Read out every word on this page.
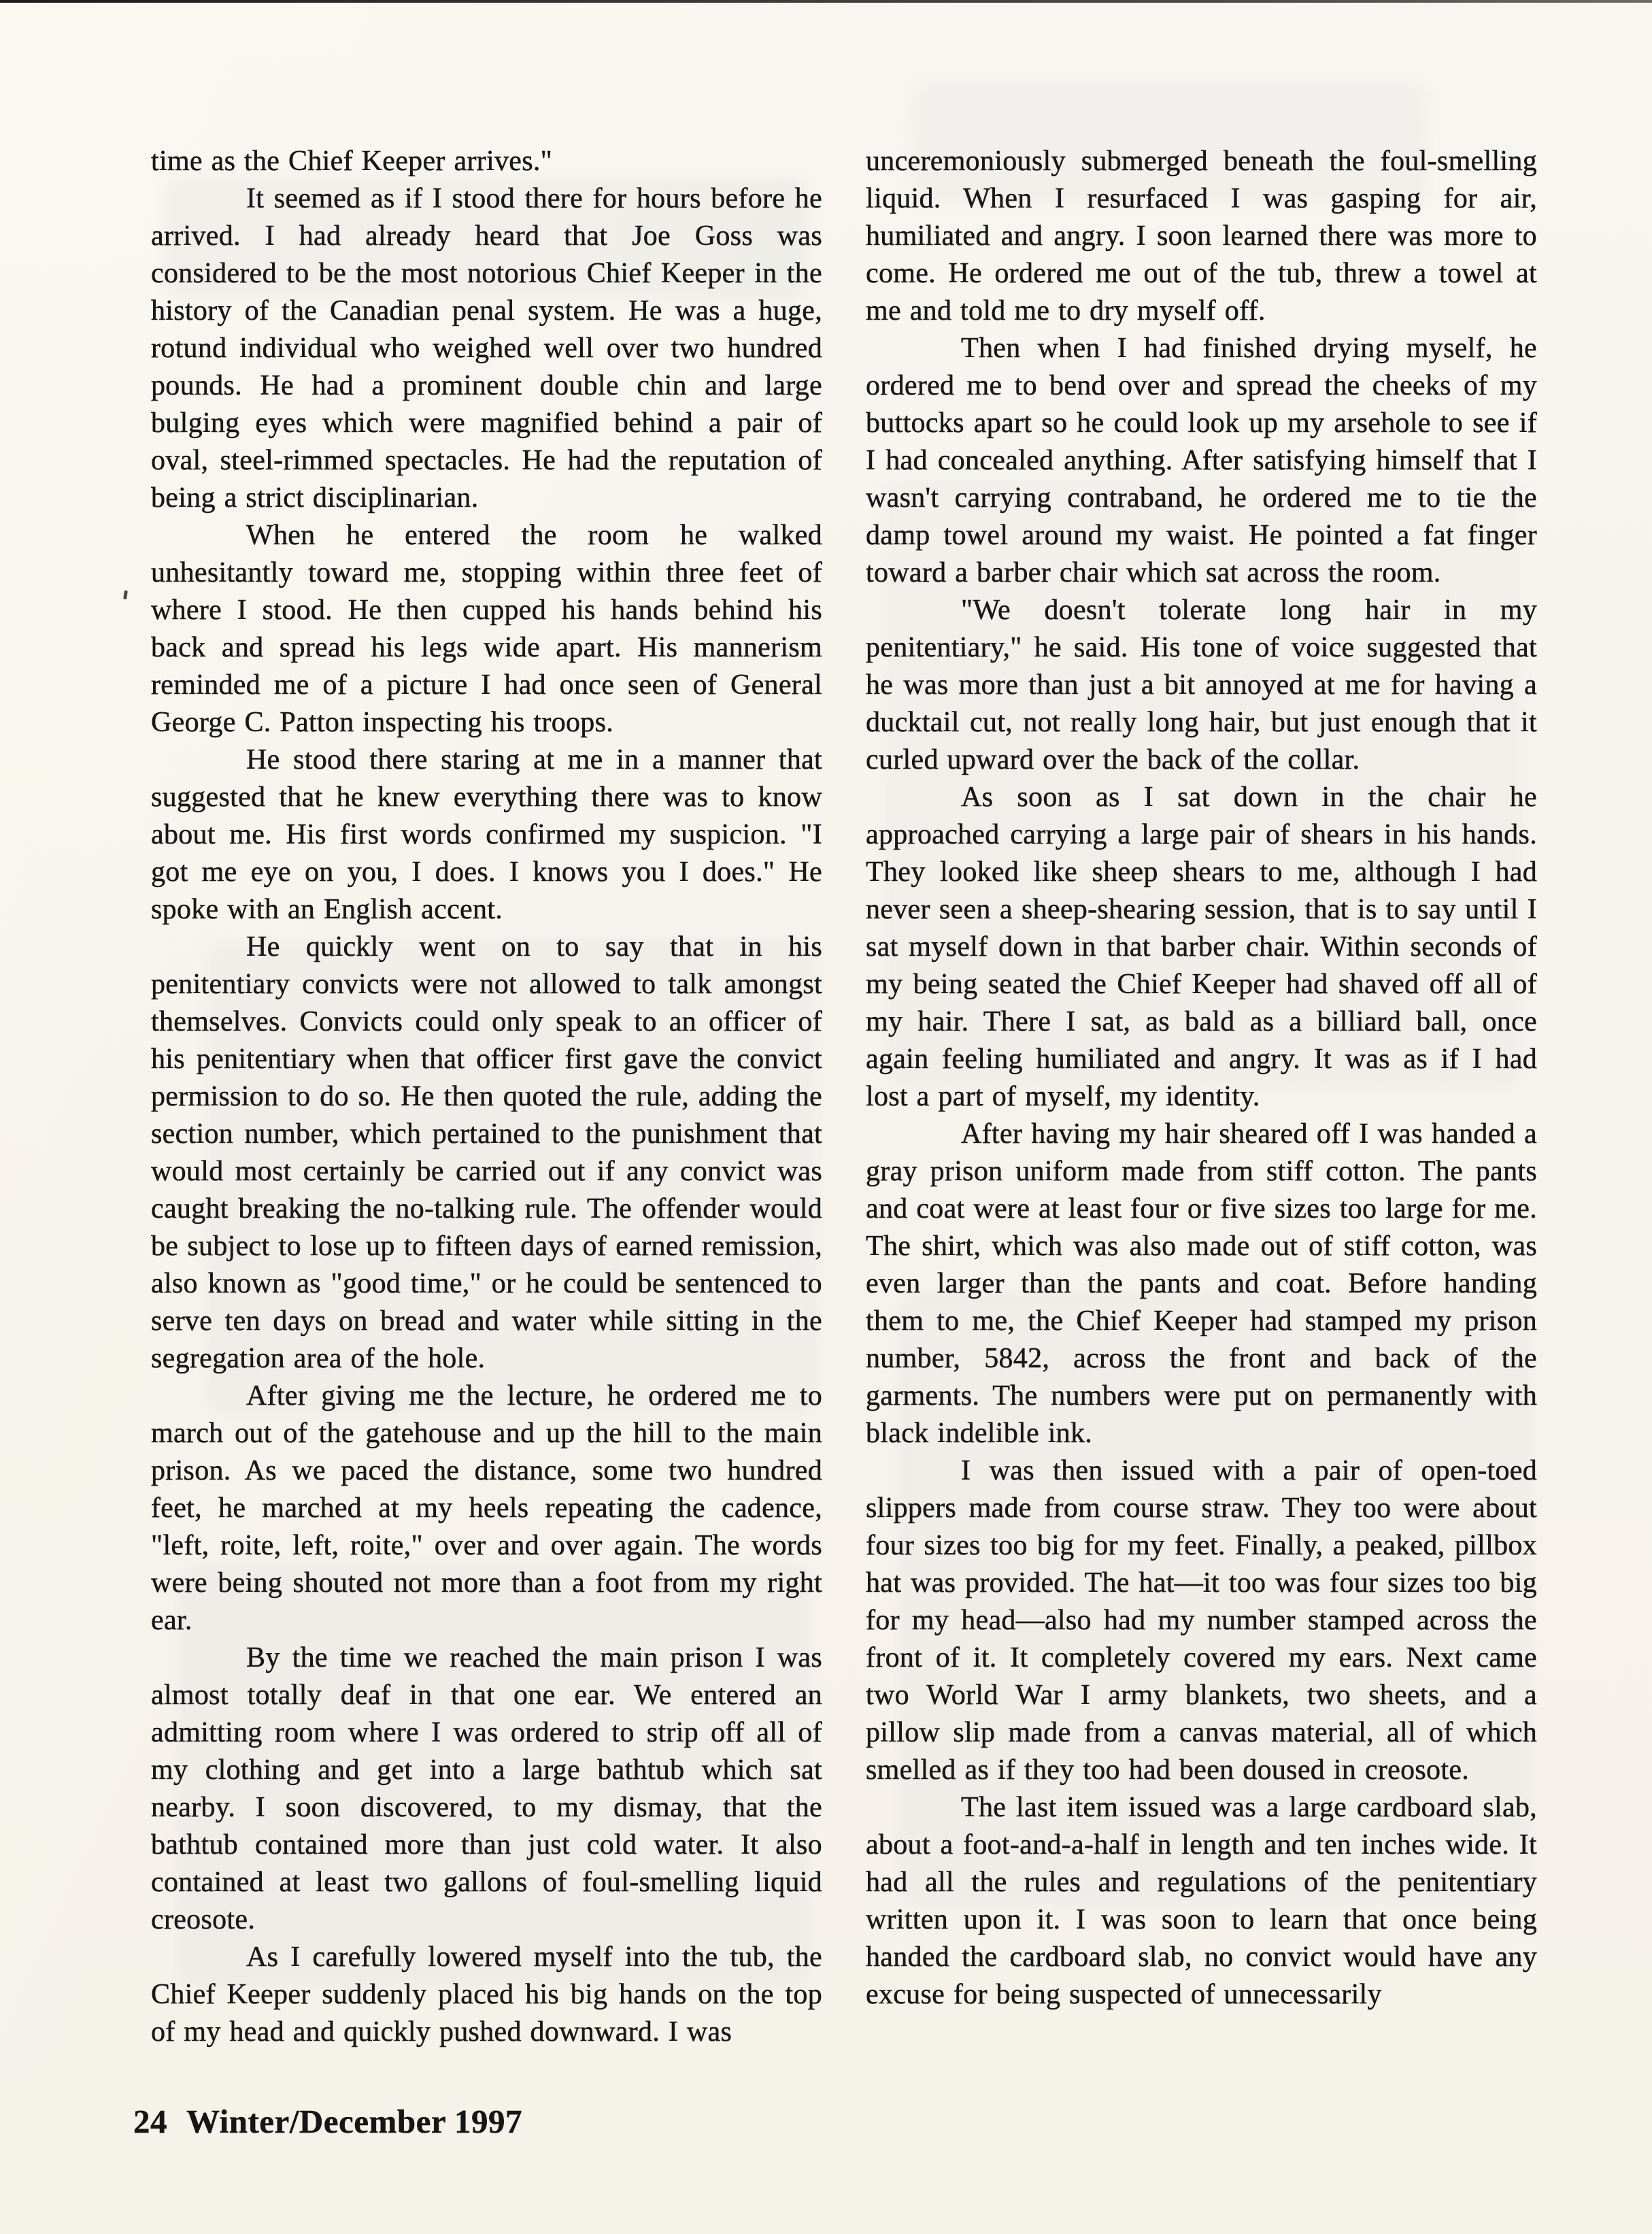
time as the Chief Keeper arrives."

It seemed as if I stood there for hours before he arrived. I had already heard that Joe Goss was considered to be the most notorious Chief Keeper in the history of the Canadian penal system. He was a huge, rotund individual who weighed well over two hundred pounds. He had a prominent double chin and large bulging eyes which were magnified behind a pair of oval, steel-rimmed spectacles. He had the reputation of being a strict disciplinarian.

When he entered the room he walked unhesitantly toward me, stopping within three feet of where I stood. He then cupped his hands behind his back and spread his legs wide apart. His mannerism reminded me of a picture I had once seen of General George C. Patton inspecting his troops.

He stood there staring at me in a manner that suggested that he knew everything there was to know about me. His first words confirmed my suspicion. "I got me eye on you, I does. I knows you I does." He spoke with an English accent.

He quickly went on to say that in his penitentiary convicts were not allowed to talk amongst themselves. Convicts could only speak to an officer of his penitentiary when that officer first gave the convict permission to do so. He then quoted the rule, adding the section number, which pertained to the punishment that would most certainly be carried out if any convict was caught breaking the no-talking rule. The offender would be subject to lose up to fifteen days of earned remission, also known as "good time," or he could be sentenced to serve ten days on bread and water while sitting in the segregation area of the hole.

After giving me the lecture, he ordered me to march out of the gatehouse and up the hill to the main prison. As we paced the distance, some two hundred feet, he marched at my heels repeating the cadence, "left, roite, left, roite," over and over again. The words were being shouted not more than a foot from my right ear.

By the time we reached the main prison I was almost totally deaf in that one ear. We entered an admitting room where I was ordered to strip off all of my clothing and get into a large bathtub which sat nearby. I soon discovered, to my dismay, that the bathtub contained more than just cold water. It also contained at least two gallons of foul-smelling liquid creosote.

As I carefully lowered myself into the tub, the Chief Keeper suddenly placed his big hands on the top of my head and quickly pushed downward. I was

unceremoniously submerged beneath the foul-smelling liquid. When I resurfaced I was gasping for air, humiliated and angry. I soon learned there was more to come. He ordered me out of the tub, threw a towel at me and told me to dry myself off.

Then when I had finished drying myself, he ordered me to bend over and spread the cheeks of my buttocks apart so he could look up my arsehole to see if I had concealed anything. After satisfying himself that I wasn't carrying contraband, he ordered me to tie the damp towel around my waist. He pointed a fat finger toward a barber chair which sat across the room.

"We doesn't tolerate long hair in my penitentiary," he said. His tone of voice suggested that he was more than just a bit annoyed at me for having a ducktail cut, not really long hair, but just enough that it curled upward over the back of the collar.

As soon as I sat down in the chair he approached carrying a large pair of shears in his hands. They looked like sheep shears to me, although I had never seen a sheep-shearing session, that is to say until I sat myself down in that barber chair. Within seconds of my being seated the Chief Keeper had shaved off all of my hair. There I sat, as bald as a billiard ball, once again feeling humiliated and angry. It was as if I had lost a part of myself, my identity.

After having my hair sheared off I was handed a gray prison uniform made from stiff cotton. The pants and coat were at least four or five sizes too large for me. The shirt, which was also made out of stiff cotton, was even larger than the pants and coat. Before handing them to me, the Chief Keeper had stamped my prison number, 5842, across the front and back of the garments. The numbers were put on permanently with black indelible ink.

I was then issued with a pair of open-toed slippers made from course straw. They too were about four sizes too big for my feet. Finally, a peaked, pillbox hat was provided. The hat—it too was four sizes too big for my head—also had my number stamped across the front of it. It completely covered my ears. Next came two World War I army blankets, two sheets, and a pillow slip made from a canvas material, all of which smelled as if they too had been doused in creosote.

The last item issued was a large cardboard slab, about a foot-and-a-half in length and ten inches wide. It had all the rules and regulations of the penitentiary written upon it. I was soon to learn that once being handed the cardboard slab, no convict would have any excuse for being suspected of unnecessarily

24 Winter/December 1997
